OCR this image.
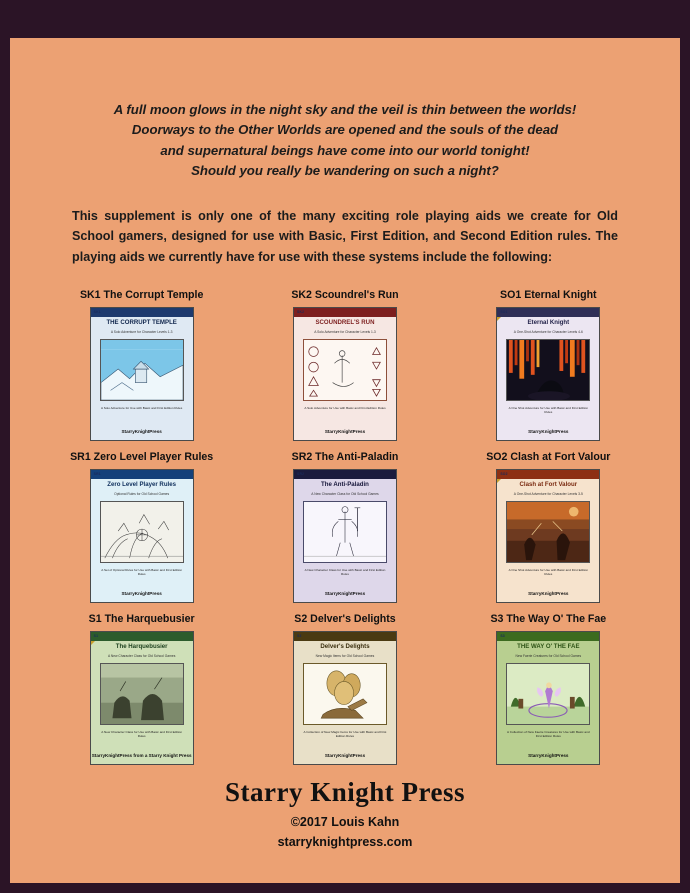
A full moon glows in the night sky and the veil is thin between the worlds!
Doorways to the Other Worlds are opened and the souls of the dead
and supernatural beings have come into our world tonight!
Should you really be wandering on such a night?
This supplement is only one of the many exciting role playing aids we create for Old School gamers, designed for use with Basic, First Edition, and Second Edition rules. The playing aids we currently have for use with these systems include the following:
SK1 The Corrupt Temple
SK1
THE CORRUPT TEMPLE
A Solo Adventure for Character Levels 1-3
A Solo Adventure for Use with Basic and First Edition Rules
StarryKnightPress
SK2 Scoundrel's Run
SK2
SCOUNDREL'S RUN
A Solo Adventure for Character Levels 1-3
A Solo Adventure for Use with Basic and First Edition Rules
StarryKnightPress
SO1 Eternal Knight
SO1
Eternal Knight
A One-Shot Adventure for Character Levels 4-6
A One Shot Adventure for Use with Basic and First Edition Rules
StarryKnightPress
SR1 Zero Level Player Rules
SR1
Zero Level Player Rules
Optional Rules for Old School Games
A Set of Optional Rules for Use with Basic and First Edition Rules
StarryKnightPress
SR2 The Anti-Paladin
SR2
The Anti-Paladin
A New Character Class for Old School Games
A New Character Class for Use with Basic and First Edition Rules
StarryKnightPress
SO2 Clash at Fort Valour
SO2
Clash at Fort Valour
A One-Shot Adventure for Character Levels 3-5
A One Shot Adventure for Use with Basic and First Edition Rules
StarryKnightPress
S1 The Harquebusier
S1
The Harquebusier
A New Character Class for Old School Games
A New Character Class for Use with Basic and First Edition Rules
StarryKnightPress from a Starry Knight Press
S2 Delver's Delights
S2
Delver's Delights
New Magic Items for Old School Games
A Collection of New Magic Items for Use with Basic and First Edition Rules
StarryKnightPress
S3 The Way O' The Fae
S3
THE WAY O' THE FAE
New Faerie Creatures for Old School Games
A Collection of New Faerie Creatures for Use with Basic and First Edition Rules
StarryKnightPress
Starry Knight Press
©2017 Louis Kahn
starryknightpress.com
